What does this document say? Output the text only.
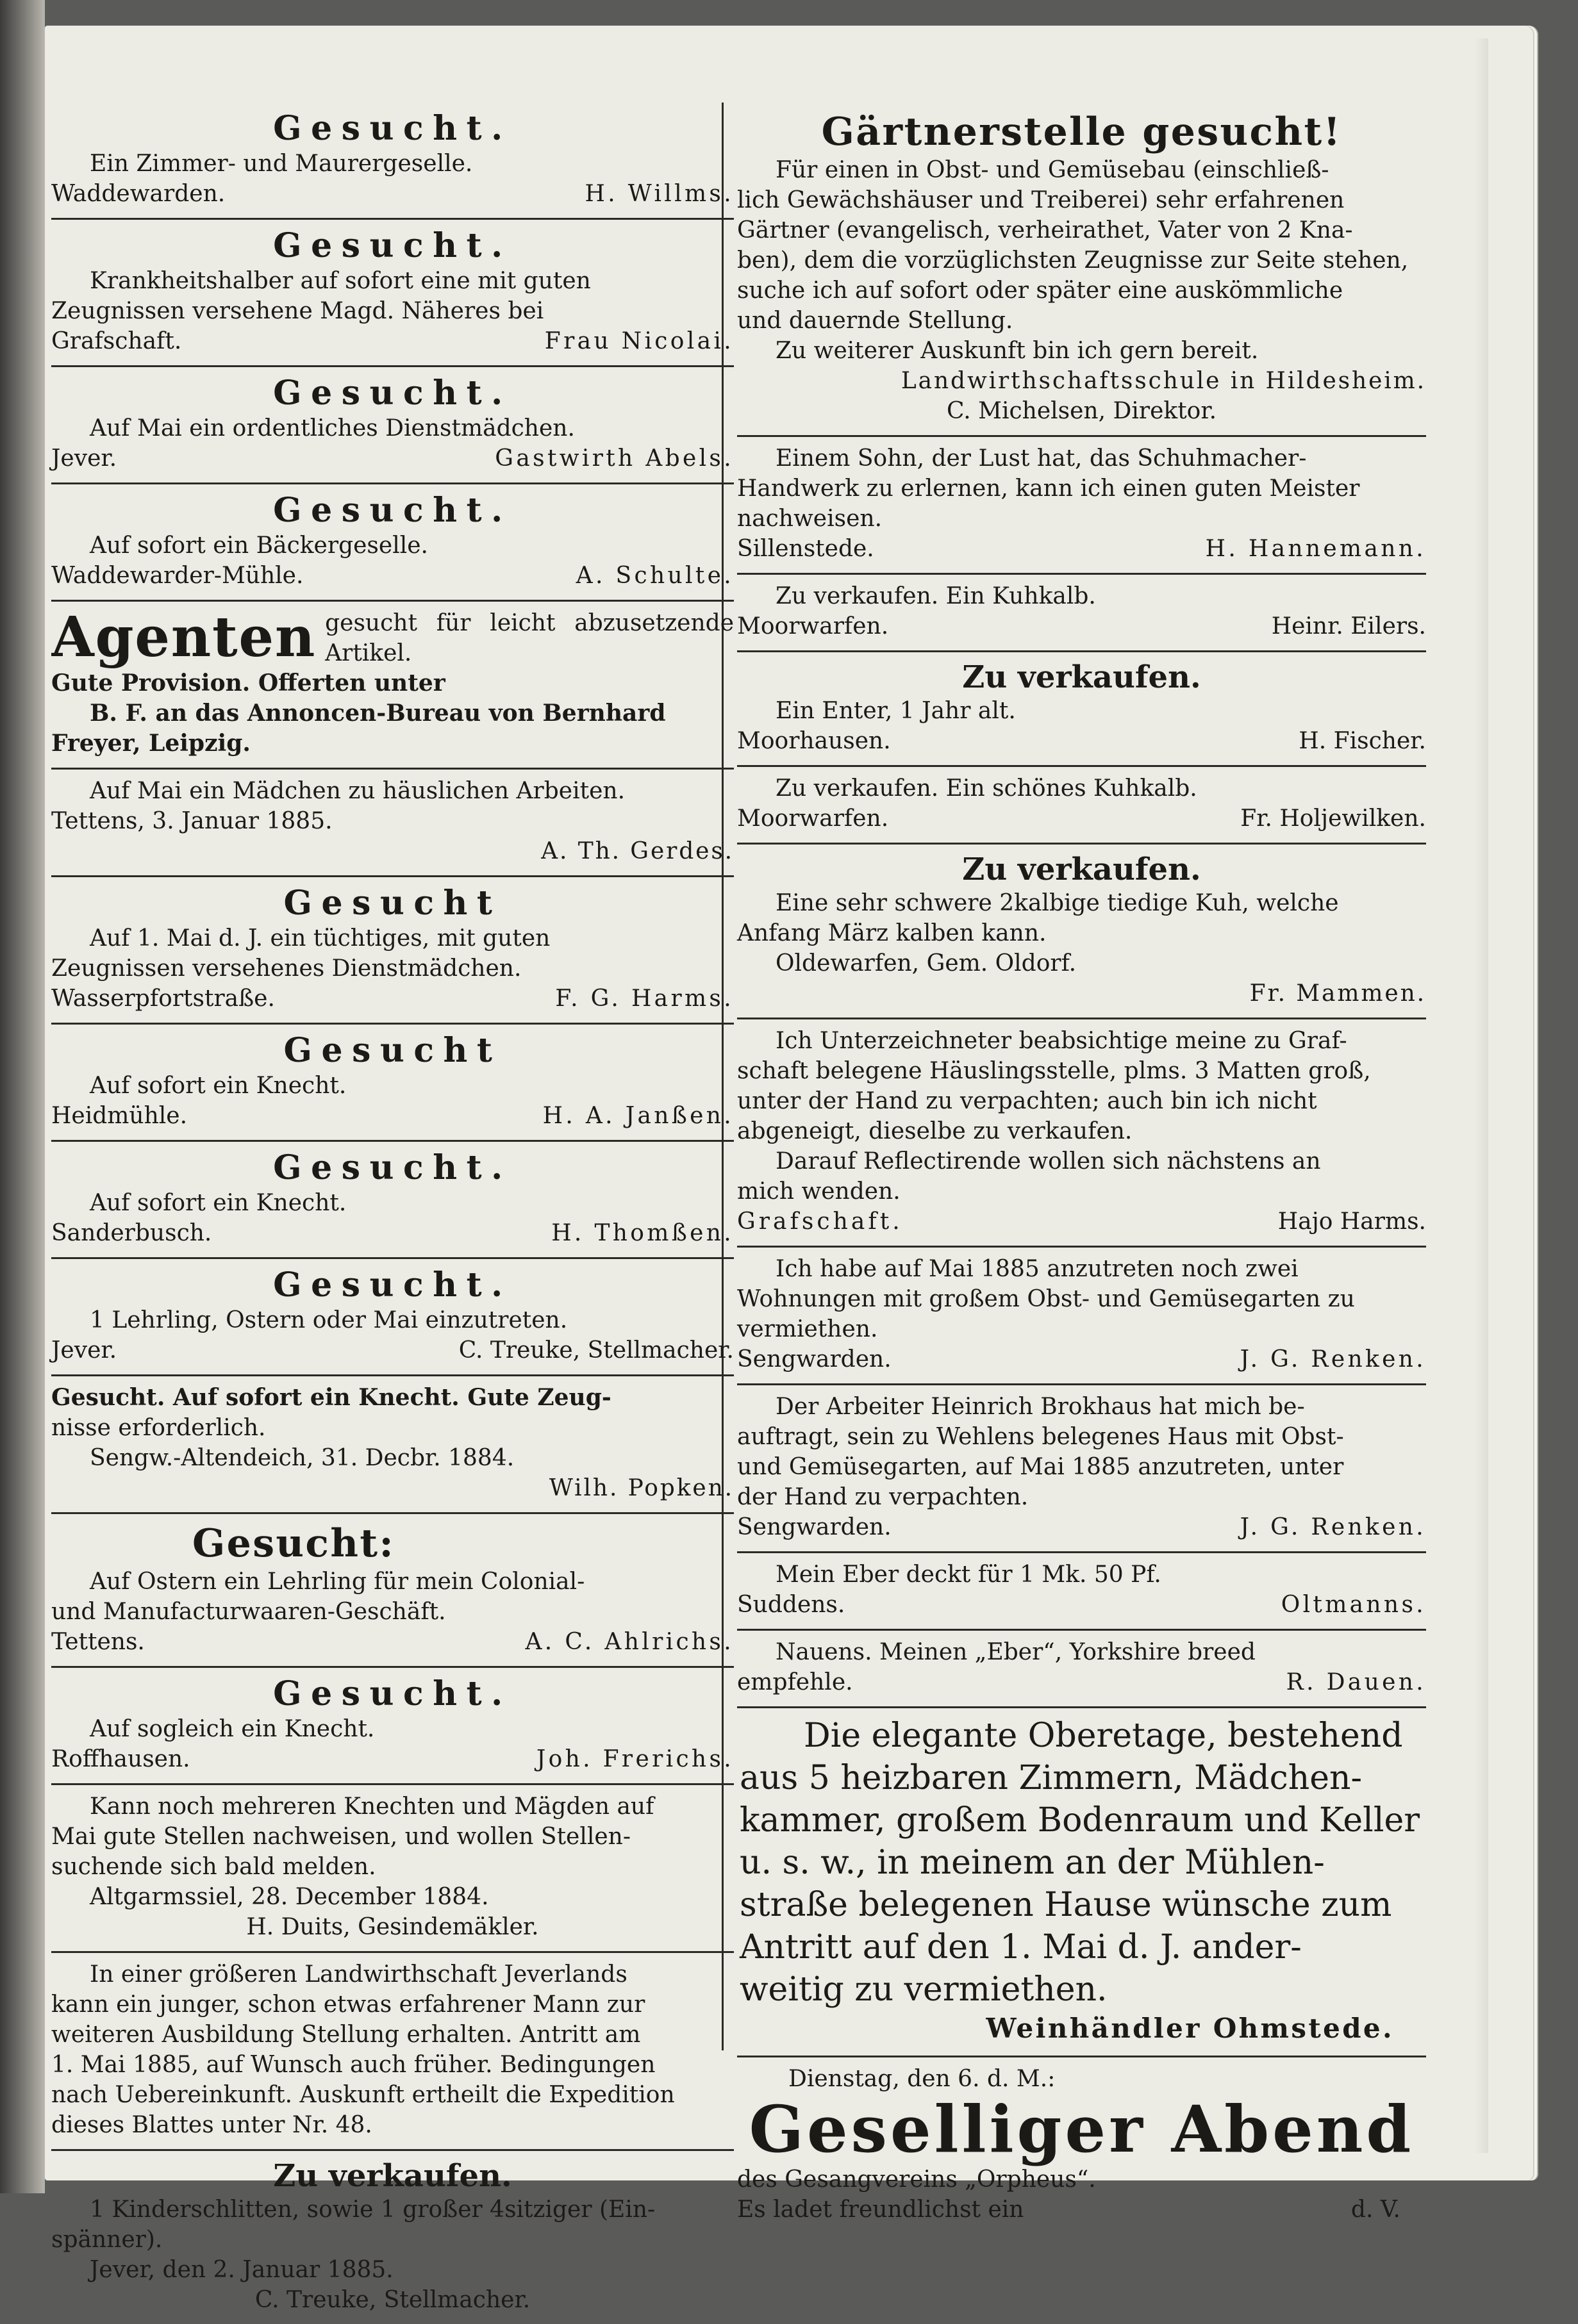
Gesucht.
Ein Zimmer- und Maurergeselle.
Waddewarden.	H. Willms.
Gesucht.
Krankheitshalber auf sofort eine mit guten
Zeugnissen versehene Magd. Näheres bei
Grafschaft.	Frau Nicolai.
Gesucht.
Auf Mai ein ordentliches Dienstmädchen.
Jever.	Gastwirth Abels.
Gesucht.
Auf sofort ein Bäckergeselle.
Waddewarder-Mühle.	A. Schulte.
Agenten gesucht für leicht abzusetzende Artikel.
Gute Provision. Offerten unter
B. F. an das Annoncen-Bureau von Bernhard
Freyer, Leipzig.
Auf Mai ein Mädchen zu häuslichen Arbeiten.
Tettens, 3. Januar 1885.
A. Th. Gerdes.
Gesucht
Auf 1. Mai d. J. ein tüchtiges, mit guten
Zeugnissen versehenes Dienstmädchen.
Wasserpfortstraße.	F. G. Harms.
Gesucht
Auf sofort ein Knecht.
Heidmühle.	H. A. Janßen.
Gesucht.
Auf sofort ein Knecht.
Sanderbusch.	H. Thomßen.
Gesucht.
1 Lehrling, Ostern oder Mai einzutreten.
Jever.	C. Treuke, Stellmacher.
Gesucht. Auf sofort ein Knecht. Gute Zeug-
nisse erforderlich.
Sengw.-Altendeich, 31. Decbr. 1884.
Wilh. Popken.
Gesucht:
Auf Ostern ein Lehrling für mein Colonial-
und Manufacturwaaren-Geschäft.
Tettens.	A. C. Ahlrichs.
Gesucht.
Auf sogleich ein Knecht.
Roffhausen.	Joh. Frerichs.
Kann noch mehreren Knechten und Mägden auf
Mai gute Stellen nachweisen, und wollen Stellen-
suchende sich bald melden.
Altgarmssiel, 28. December 1884.
H. Duits, Gesindemäkler.
In einer größeren Landwirthschaft Jeverlands
kann ein junger, schon etwas erfahrener Mann zur
weiteren Ausbildung Stellung erhalten. Antritt am
1. Mai 1885, auf Wunsch auch früher. Bedingungen
nach Uebereinkunft. Auskunft ertheilt die Expedition
dieses Blattes unter Nr. 48.
Zu verkaufen.
1 Kinderschlitten, sowie 1 großer 4sitziger (Ein-
spänner).
Jever, den 2. Januar 1885.
C. Treuke, Stellmacher.
Gärtnerstelle gesucht!
Für einen in Obst- und Gemüsebau (einschließ-
lich Gewächshäuser und Treiberei) sehr erfahrenen
Gärtner (evangelisch, verheirathet, Vater von 2 Kna-
ben), dem die vorzüglichsten Zeugnisse zur Seite stehen,
suche ich auf sofort oder später eine auskömmliche
und dauernde Stellung.
Zu weiterer Auskunft bin ich gern bereit.
Landwirthschaftsschule in Hildesheim.
C. Michelsen, Direktor.
Einem Sohn, der Lust hat, das Schuhmacher-
Handwerk zu erlernen, kann ich einen guten Meister
nachweisen.
Sillenstede.	H. Hannemann.
Zu verkaufen. Ein Kuhkalb.
Moorwarfen.	Heinr. Eilers.
Zu verkaufen.
Ein Enter, 1 Jahr alt.
Moorhausen.	H. Fischer.
Zu verkaufen. Ein schönes Kuhkalb.
Moorwarfen.	Fr. Holjewilken.
Zu verkaufen.
Eine sehr schwere 2kalbige tiedige Kuh, welche
Anfang März kalben kann.
Oldewarfen, Gem. Oldorf.
Fr. Mammen.
Ich Unterzeichneter beabsichtige meine zu Graf-
schaft belegene Häuslingsstelle, plms. 3 Matten groß,
unter der Hand zu verpachten; auch bin ich nicht
abgeneigt, dieselbe zu verkaufen.
Darauf Reflectirende wollen sich nächstens an
mich wenden.
Grafschaft.	Hajo Harms.
Ich habe auf Mai 1885 anzutreten noch zwei
Wohnungen mit großem Obst- und Gemüsegarten zu
vermiethen.
Sengwarden.	J. G. Renken.
Der Arbeiter Heinrich Brokhaus hat mich be-
auftragt, sein zu Wehlens belegenes Haus mit Obst-
und Gemüsegarten, auf Mai 1885 anzutreten, unter
der Hand zu verpachten.
Sengwarden.	J. G. Renken.
Mein Eber deckt für 1 Mk. 50 Pf.
Suddens.	Oltmanns.
Nauens. Meinen „Eber“, Yorkshire breed
empfehle.	R. Dauen.
Die elegante Oberetage, bestehend
aus 5 heizbaren Zimmern, Mädchen-
kammer, großem Bodenraum und Keller
u. s. w., in meinem an der Mühlen-
straße belegenen Hause wünsche zum
Antritt auf den 1. Mai d. J. ander-
weitig zu vermiethen.
Weinhändler Ohmstede.
Dienstag, den 6. d. M.:
Geselliger Abend
des Gesangvereins „Orpheus“.
Es ladet freundlichst ein	d. V.
